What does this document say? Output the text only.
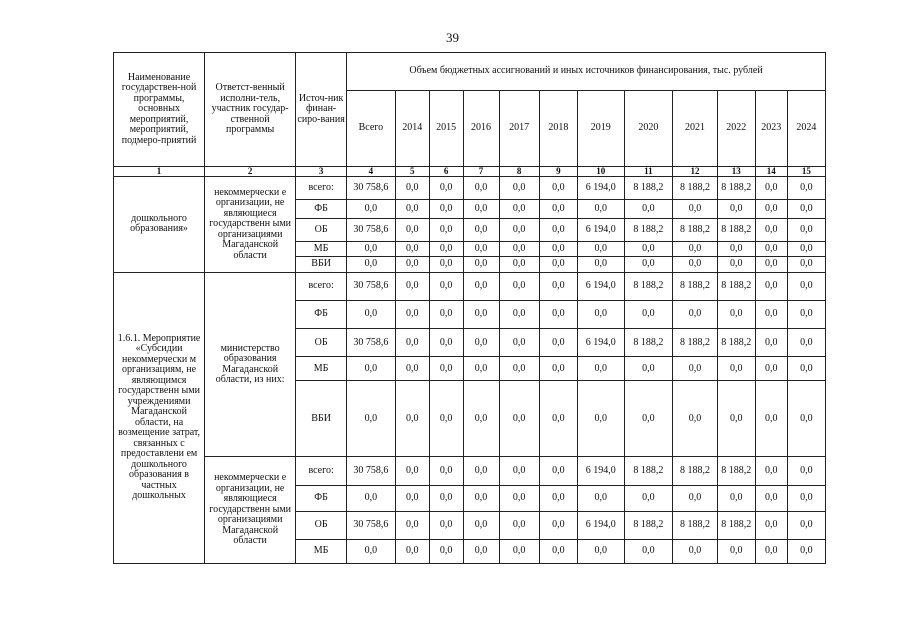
39
Наименование государствен-ной программы, основных мероприятий, мероприятий, подмеро-приятий	Ответст-венный исполни-тель, участник государ-ственной программы	Источ-ник финан-сиро-вания	Объем бюджетных ассигнований и иных источников финансирования, тыс. рублей											
			Всего	2014	2015	2016	2017	2018	2019	2020	2021	2022	2023	2024
1	2	3	4	5	6	7	8	9	10	11	12	13	14	15
дошкольного образования»	некоммерчески е организации, не являющиеся государственн ыми организациями Магаданской области	всего:	30 758,6	0,0	0,0	0,0	0,0	0,0	6 194,0	8 188,2	8 188,2	8 188,2	0,0	0,0
		ФБ	0,0	0,0	0,0	0,0	0,0	0,0	0,0	0,0	0,0	0,0	0,0	0,0
		ОБ	30 758,6	0,0	0,0	0,0	0,0	0,0	6 194,0	8 188,2	8 188,2	8 188,2	0,0	0,0
		МБ	0,0	0,0	0,0	0,0	0,0	0,0	0,0	0,0	0,0	0,0	0,0	0,0
		ВБИ	0,0	0,0	0,0	0,0	0,0	0,0	0,0	0,0	0,0	0,0	0,0	0,0
1.6.1. Мероприятие «Субсидии некоммерчески м организациям, не являющимся государственн ыми учреждениями Магаданской области, на возмещение затрат, связанных с предоставлени ем дошкольного образования в частных дошкольных	министерство образования Магаданской области, из них:	всего:	30 758,6	0,0	0,0	0,0	0,0	0,0	6 194,0	8 188,2	8 188,2	8 188,2	0,0	0,0
		ФБ	0,0	0,0	0,0	0,0	0,0	0,0	0,0	0,0	0,0	0,0	0,0	0,0
		ОБ	30 758,6	0,0	0,0	0,0	0,0	0,0	6 194,0	8 188,2	8 188,2	8 188,2	0,0	0,0
		МБ	0,0	0,0	0,0	0,0	0,0	0,0	0,0	0,0	0,0	0,0	0,0	0,0
		ВБИ	0,0	0,0	0,0	0,0	0,0	0,0	0,0	0,0	0,0	0,0	0,0	0,0
	некоммерчески е организации, не являющиеся государственн ыми организациями Магаданской области	всего:	30 758,6	0,0	0,0	0,0	0,0	0,0	6 194,0	8 188,2	8 188,2	8 188,2	0,0	0,0
		ФБ	0,0	0,0	0,0	0,0	0,0	0,0	0,0	0,0	0,0	0,0	0,0	0,0
		ОБ	30 758,6	0,0	0,0	0,0	0,0	0,0	6 194,0	8 188,2	8 188,2	8 188,2	0,0	0,0
		МБ	0,0	0,0	0,0	0,0	0,0	0,0	0,0	0,0	0,0	0,0	0,0	0,0
